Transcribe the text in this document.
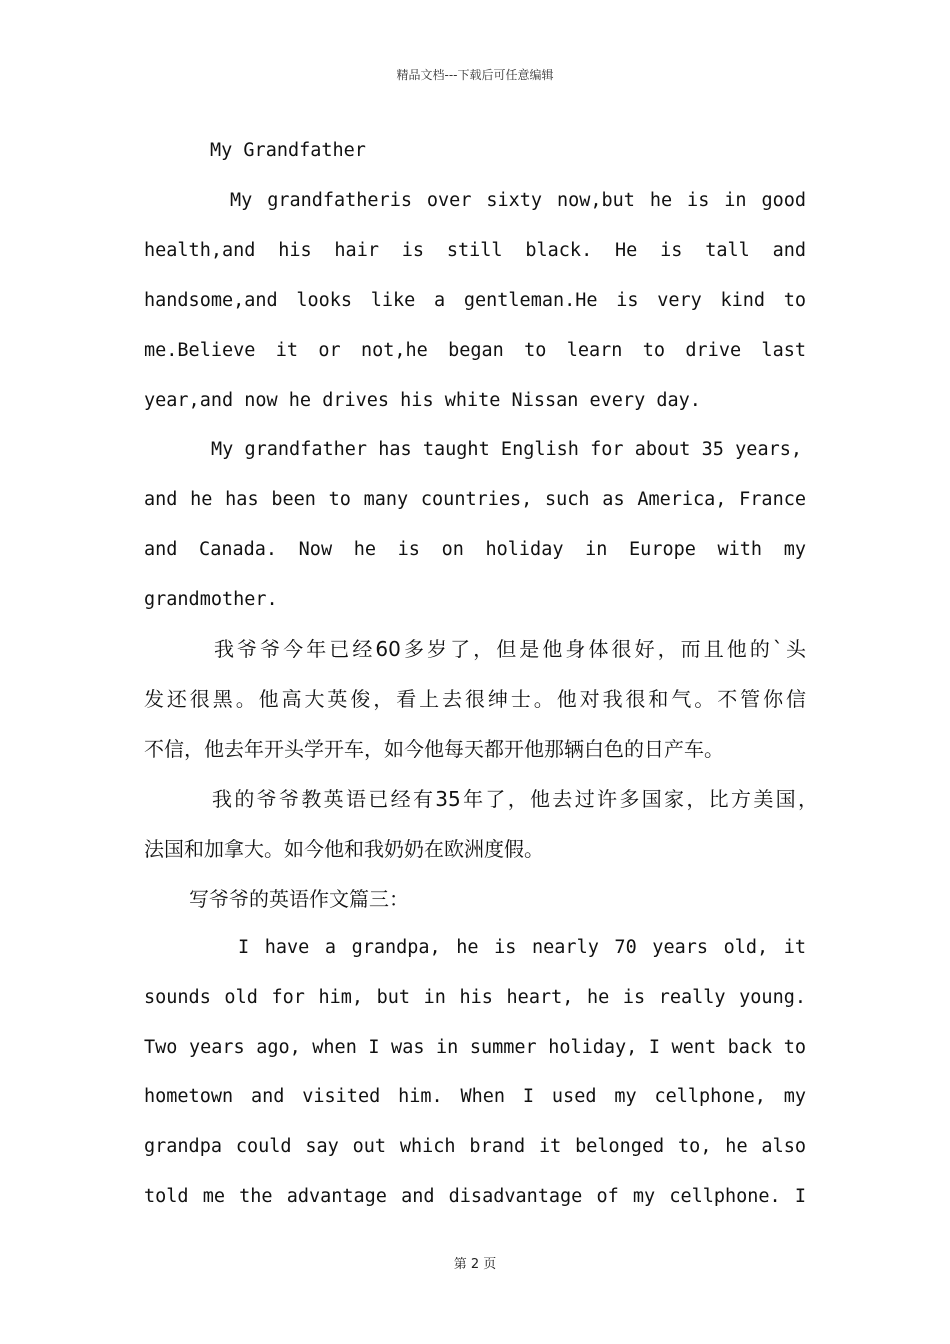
精品文档---下载后可任意编辑
My Grandfather
My grandfatheris over sixty now,but he is in good
health,and his hair is still black. He is tall and
handsome,and looks like a gentleman.He is very kind to
me.Believe it or not,he began to learn to drive last
year,and now he drives his white Nissan every day.
My grandfather has taught English for about 35 years,
and he has been to many countries, such as America, France
and Canada. Now he is on holiday in Europe with my
grandmother.
我爷爷今年已经60多岁了，但是他身体很好，而且他的`头
发还很黑。他高大英俊，看上去很绅士。他对我很和气。不管你信
不信，他去年开头学开车，如今他每天都开他那辆白色的日产车。
我的爷爷教英语已经有35年了，他去过许多国家，比方美国，
法国和加拿大。如今他和我奶奶在欧洲度假。
写爷爷的英语作文篇三：
I have a grandpa, he is nearly 70 years old, it
sounds old for him, but in his heart, he is really young.
Two years ago, when I was in summer holiday, I went back to
hometown and visited him. When I used my cellphone, my
grandpa could say out which brand it belonged to, he also
told me the advantage and disadvantage of my cellphone. I
第 2 页
